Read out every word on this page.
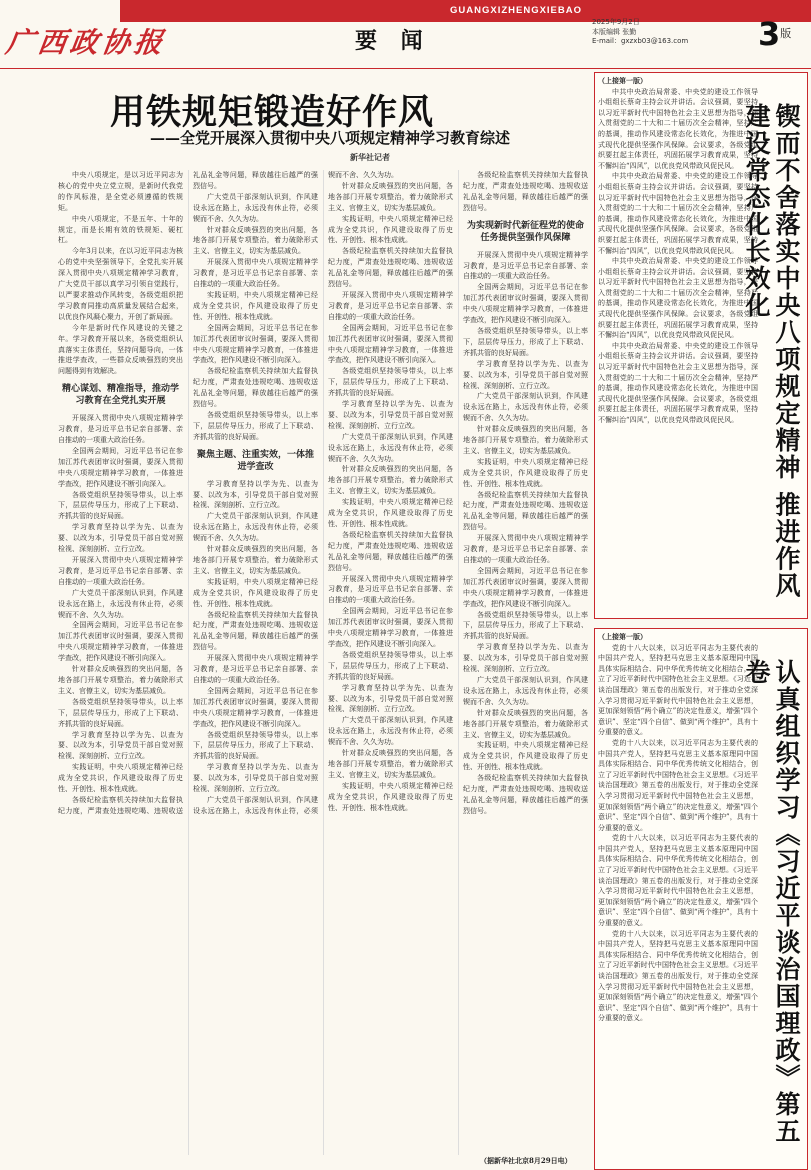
GUANGXIZHENGXIEBAO
广西政协报	要 闻
2025年9月2日
本版编辑 张勤
E-mail：gxzxb03@163.com $3^版$
用铁规矩锻造好作风
——全党开展深入贯彻中央八项规定精神学习教育综述
新华社记者

中央八项规定，是以习近平同志为核心的党中央立党立规，是新时代我党的作风标准，是全党必须遵循的铁规矩。

中央八项规定，不是五年、十年的规定，而是长期有效的铁规矩、硬杠杠。

今年3月以来，在以习近平同志为核心的党中央坚强领导下，全党扎实开展深入贯彻中央八项规定精神学习教育，广大党员干部以真学习引领自觉践行，以严要求推动作风转变，各级党组织把学习教育同推动高质量发展结合起来，以优良作风凝心聚力，开创了新局面。

今年是新时代作风建设的关键之年。学习教育开展以来，各级党组织认真落实主体责任，坚持问题导向，一体推进学查改，一些群众反映强烈的突出问题得到有效解决。

精心谋划、精准指导，推动学习教育在全党扎实开展

开展深入贯彻中央八项规定精神学习教育，是习近平总书记亲自部署、亲自推动的一项重大政治任务。

全国两会期间，习近平总书记在参加江苏代表团审议时强调，要深入贯彻中央八项规定精神学习教育，一体推进学查改，把作风建设不断引向深入。

各级党组织坚持领导带头，以上率下，层层传导压力，形成了上下联动、齐抓共管的良好局面。

学习教育坚持以学为先、以查为要、以改为本，引导党员干部自觉对照检视、深刻剖析、立行立改。

开展深入贯彻中央八项规定精神学习教育，是习近平总书记亲自部署、亲自推动的一项重大政治任务。

广大党员干部深刻认识到，作风建设永远在路上，永远没有休止符，必须锲而不舍、久久为功。

全国两会期间，习近平总书记在参加江苏代表团审议时强调，要深入贯彻中央八项规定精神学习教育，一体推进学查改，把作风建设不断引向深入。

针对群众反映强烈的突出问题，各地各部门开展专项整治，着力破除形式主义、官僚主义，切实为基层减负。

各级党组织坚持领导带头，以上率下，层层传导压力，形成了上下联动、齐抓共管的良好局面。

学习教育坚持以学为先、以查为要、以改为本，引导党员干部自觉对照检视、深刻剖析、立行立改。

实践证明，中央八项规定精神已经成为全党共识，作风建设取得了历史性、开创性、根本性成就。

各级纪检监察机关持续加大监督执纪力度，严肃查处违规吃喝、违规收送礼品礼金等问题，释放越往后越严的强烈信号。

广大党员干部深刻认识到，作风建设永远在路上，永远没有休止符，必须锲而不舍、久久为功。

针对群众反映强烈的突出问题，各地各部门开展专项整治，着力破除形式主义、官僚主义，切实为基层减负。

开展深入贯彻中央八项规定精神学习教育，是习近平总书记亲自部署、亲自推动的一项重大政治任务。

实践证明，中央八项规定精神已经成为全党共识，作风建设取得了历史性、开创性、根本性成就。

全国两会期间，习近平总书记在参加江苏代表团审议时强调，要深入贯彻中央八项规定精神学习教育，一体推进学查改，把作风建设不断引向深入。

各级纪检监察机关持续加大监督执纪力度，严肃查处违规吃喝、违规收送礼品礼金等问题，释放越往后越严的强烈信号。

各级党组织坚持领导带头，以上率下，层层传导压力，形成了上下联动、齐抓共管的良好局面。

聚焦主题、注重实效，一体推进学查改

学习教育坚持以学为先、以查为要、以改为本，引导党员干部自觉对照检视、深刻剖析、立行立改。

广大党员干部深刻认识到，作风建设永远在路上，永远没有休止符，必须锲而不舍、久久为功。

针对群众反映强烈的突出问题，各地各部门开展专项整治，着力破除形式主义、官僚主义，切实为基层减负。

实践证明，中央八项规定精神已经成为全党共识，作风建设取得了历史性、开创性、根本性成就。

各级纪检监察机关持续加大监督执纪力度，严肃查处违规吃喝、违规收送礼品礼金等问题，释放越往后越严的强烈信号。

开展深入贯彻中央八项规定精神学习教育，是习近平总书记亲自部署、亲自推动的一项重大政治任务。

全国两会期间，习近平总书记在参加江苏代表团审议时强调，要深入贯彻中央八项规定精神学习教育，一体推进学查改，把作风建设不断引向深入。

各级党组织坚持领导带头，以上率下，层层传导压力，形成了上下联动、齐抓共管的良好局面。

学习教育坚持以学为先、以查为要、以改为本，引导党员干部自觉对照检视、深刻剖析、立行立改。

广大党员干部深刻认识到，作风建设永远在路上，永远没有休止符，必须锲而不舍、久久为功。

针对群众反映强烈的突出问题，各地各部门开展专项整治，着力破除形式主义、官僚主义，切实为基层减负。

实践证明，中央八项规定精神已经成为全党共识，作风建设取得了历史性、开创性、根本性成就。

各级纪检监察机关持续加大监督执纪力度，严肃查处违规吃喝、违规收送礼品礼金等问题，释放越往后越严的强烈信号。

开展深入贯彻中央八项规定精神学习教育，是习近平总书记亲自部署、亲自推动的一项重大政治任务。

全国两会期间，习近平总书记在参加江苏代表团审议时强调，要深入贯彻中央八项规定精神学习教育，一体推进学查改，把作风建设不断引向深入。

各级党组织坚持领导带头，以上率下，层层传导压力，形成了上下联动、齐抓共管的良好局面。

学习教育坚持以学为先、以查为要、以改为本，引导党员干部自觉对照检视、深刻剖析、立行立改。

广大党员干部深刻认识到，作风建设永远在路上，永远没有休止符，必须锲而不舍、久久为功。

针对群众反映强烈的突出问题，各地各部门开展专项整治，着力破除形式主义、官僚主义，切实为基层减负。

实践证明，中央八项规定精神已经成为全党共识，作风建设取得了历史性、开创性、根本性成就。

各级纪检监察机关持续加大监督执纪力度，严肃查处违规吃喝、违规收送礼品礼金等问题，释放越往后越严的强烈信号。

开展深入贯彻中央八项规定精神学习教育，是习近平总书记亲自部署、亲自推动的一项重大政治任务。

全国两会期间，习近平总书记在参加江苏代表团审议时强调，要深入贯彻中央八项规定精神学习教育，一体推进学查改，把作风建设不断引向深入。

各级党组织坚持领导带头，以上率下，层层传导压力，形成了上下联动、齐抓共管的良好局面。

学习教育坚持以学为先、以查为要、以改为本，引导党员干部自觉对照检视、深刻剖析、立行立改。

广大党员干部深刻认识到，作风建设永远在路上，永远没有休止符，必须锲而不舍、久久为功。

针对群众反映强烈的突出问题，各地各部门开展专项整治，着力破除形式主义、官僚主义，切实为基层减负。

实践证明，中央八项规定精神已经成为全党共识，作风建设取得了历史性、开创性、根本性成就。

各级纪检监察机关持续加大监督执纪力度，严肃查处违规吃喝、违规收送礼品礼金等问题，释放越往后越严的强烈信号。

为实现新时代新征程党的使命任务提供坚强作风保障

开展深入贯彻中央八项规定精神学习教育，是习近平总书记亲自部署、亲自推动的一项重大政治任务。

全国两会期间，习近平总书记在参加江苏代表团审议时强调，要深入贯彻中央八项规定精神学习教育，一体推进学查改，把作风建设不断引向深入。

各级党组织坚持领导带头，以上率下，层层传导压力，形成了上下联动、齐抓共管的良好局面。

学习教育坚持以学为先、以查为要、以改为本，引导党员干部自觉对照检视、深刻剖析、立行立改。

广大党员干部深刻认识到，作风建设永远在路上，永远没有休止符，必须锲而不舍、久久为功。

针对群众反映强烈的突出问题，各地各部门开展专项整治，着力破除形式主义、官僚主义，切实为基层减负。

实践证明，中央八项规定精神已经成为全党共识，作风建设取得了历史性、开创性、根本性成就。

各级纪检监察机关持续加大监督执纪力度，严肃查处违规吃喝、违规收送礼品礼金等问题，释放越往后越严的强烈信号。

开展深入贯彻中央八项规定精神学习教育，是习近平总书记亲自部署、亲自推动的一项重大政治任务。

全国两会期间，习近平总书记在参加江苏代表团审议时强调，要深入贯彻中央八项规定精神学习教育，一体推进学查改，把作风建设不断引向深入。

各级党组织坚持领导带头，以上率下，层层传导压力，形成了上下联动、齐抓共管的良好局面。

学习教育坚持以学为先、以查为要、以改为本，引导党员干部自觉对照检视、深刻剖析、立行立改。

广大党员干部深刻认识到，作风建设永远在路上，永远没有休止符，必须锲而不舍、久久为功。

针对群众反映强烈的突出问题，各地各部门开展专项整治，着力破除形式主义、官僚主义，切实为基层减负。

实践证明，中央八项规定精神已经成为全党共识，作风建设取得了历史性、开创性、根本性成就。

各级纪检监察机关持续加大监督执纪力度，严肃查处违规吃喝、违规收送礼品礼金等问题，释放越往后越严的强烈信号。

（据新华社北京8月29日电）

（上接第一版）

中共中央政治局常委、中央党的建设工作领导小组组长蔡奇主持会议并讲话。会议强调，要坚持以习近平新时代中国特色社会主义思想为指导，深入贯彻党的二十大和二十届历次全会精神，坚持严的基调，推动作风建设常态化长效化，为推进中国式现代化提供坚强作风保障。会议要求，各级党组织要扛起主体责任，巩固拓展学习教育成果，坚持不懈纠治“四风”，以优良党风带政风促民风。

中共中央政治局常委、中央党的建设工作领导小组组长蔡奇主持会议并讲话。会议强调，要坚持以习近平新时代中国特色社会主义思想为指导，深入贯彻党的二十大和二十届历次全会精神，坚持严的基调，推动作风建设常态化长效化，为推进中国式现代化提供坚强作风保障。会议要求，各级党组织要扛起主体责任，巩固拓展学习教育成果，坚持不懈纠治“四风”，以优良党风带政风促民风。

中共中央政治局常委、中央党的建设工作领导小组组长蔡奇主持会议并讲话。会议强调，要坚持以习近平新时代中国特色社会主义思想为指导，深入贯彻党的二十大和二十届历次全会精神，坚持严的基调，推动作风建设常态化长效化，为推进中国式现代化提供坚强作风保障。会议要求，各级党组织要扛起主体责任，巩固拓展学习教育成果，坚持不懈纠治“四风”，以优良党风带政风促民风。

中共中央政治局常委、中央党的建设工作领导小组组长蔡奇主持会议并讲话。会议强调，要坚持以习近平新时代中国特色社会主义思想为指导，深入贯彻党的二十大和二十届历次全会精神，坚持严的基调，推动作风建设常态化长效化，为推进中国式现代化提供坚强作风保障。会议要求，各级党组织要扛起主体责任，巩固拓展学习教育成果，坚持不懈纠治“四风”，以优良党风带政风促民风。	锲而不舍落实中央八项规定精神 推进作风建设常态化长效化

（上接第一版）

党的十八大以来，以习近平同志为主要代表的中国共产党人，坚持把马克思主义基本原理同中国具体实际相结合、同中华优秀传统文化相结合，创立了习近平新时代中国特色社会主义思想。《习近平谈治国理政》第五卷的出版发行，对于推动全党深入学习贯彻习近平新时代中国特色社会主义思想，更加深刻领悟“两个确立”的决定性意义，增强“四个意识”、坚定“四个自信”、做到“两个维护”，具有十分重要的意义。

党的十八大以来，以习近平同志为主要代表的中国共产党人，坚持把马克思主义基本原理同中国具体实际相结合、同中华优秀传统文化相结合，创立了习近平新时代中国特色社会主义思想。《习近平谈治国理政》第五卷的出版发行，对于推动全党深入学习贯彻习近平新时代中国特色社会主义思想，更加深刻领悟“两个确立”的决定性意义，增强“四个意识”、坚定“四个自信”、做到“两个维护”，具有十分重要的意义。

党的十八大以来，以习近平同志为主要代表的中国共产党人，坚持把马克思主义基本原理同中国具体实际相结合、同中华优秀传统文化相结合，创立了习近平新时代中国特色社会主义思想。《习近平谈治国理政》第五卷的出版发行，对于推动全党深入学习贯彻习近平新时代中国特色社会主义思想，更加深刻领悟“两个确立”的决定性意义，增强“四个意识”、坚定“四个自信”、做到“两个维护”，具有十分重要的意义。

党的十八大以来，以习近平同志为主要代表的中国共产党人，坚持把马克思主义基本原理同中国具体实际相结合、同中华优秀传统文化相结合，创立了习近平新时代中国特色社会主义思想。《习近平谈治国理政》第五卷的出版发行，对于推动全党深入学习贯彻习近平新时代中国特色社会主义思想，更加深刻领悟“两个确立”的决定性意义，增强“四个意识”、坚定“四个自信”、做到“两个维护”，具有十分重要的意义。	认真组织学习《习近平谈治国理政》第五卷
